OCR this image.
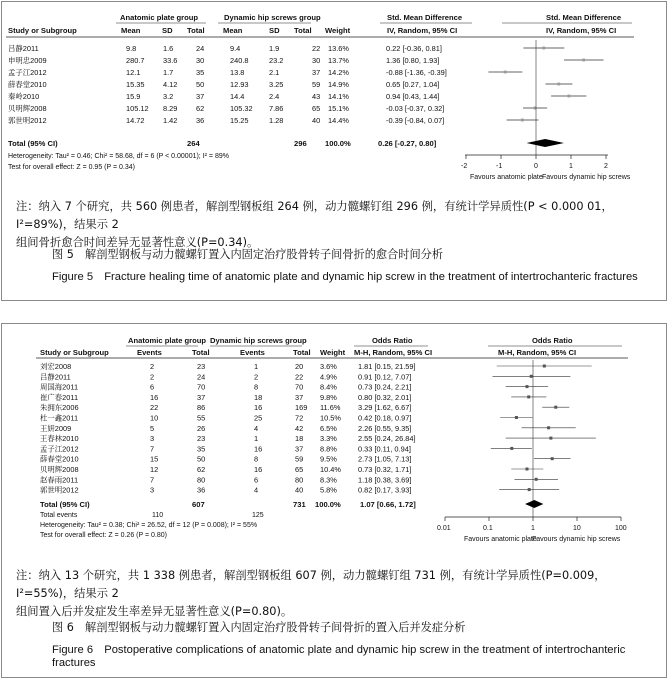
Anatomic plate group	Dynamic hip screws group	Std. Mean Difference	Std. Mean Difference
Study or Subgroup	Mean	SD Total Mean	SD Total Weight	IV, Random, 95% CI	IV, Random, 95% CI
吕静2011	9.8	1.6	24	9.4	1.9	22 13.6%	0.22 [-0.36, 0.81]
申明忠2009	280.7	33.6	30	240.8	23.2	30 13.7%	1.36 [0.80, 1.93]
孟子江2012	12.1	1.7	35	13.8	2.1	37 14.2%	-0.88 [-1.36, -0.39]
薛春堂2010	15.35	4.12	50	12.93	3.25	59 14.9%	0.65 [0.27, 1.04]
秦岭2010	15.9	3.2	37	14.4	2.4	43 14.1%	0.94 [0.43, 1.44]
贝明辉2008	105.12 8.29	62	105.32 7.86	65 15.1%	-0.03 [-0.37, 0.32]
郭世明2012	14.72	1.42	36	15.25	1.28	40 14.4%	-0.39 [-0.84, 0.07]
Total (95% CI)	264	296 100.0%	0.26 [-0.27, 0.80]
Heterogeneity: Tau² = 0.46; Chi² = 58.68, df = 6 (P < 0.00001); I² = 89%
Test for overall effect: Z = 0.95 (P = 0.34)	-2	-1	0	1	2
Favours anatomic plate Favours dynamic hip screws
注：纳入 7 个研究，共 560 例患者，解剖型钢板组 264 例，动力髋螺钉组 296 例，有统计学异质性(P < 0.000 01，I²=89%)，结果示 2
组间骨折愈合时间差异无显著性意义(P=0.34)。
图 5　解剖型钢板与动力髋螺钉置入内固定治疗股骨转子间骨折的愈合时间分析
Figure 5　Fracture healing time of anatomic plate and dynamic hip screw in the treatment of intertrochanteric fractures
Anatomic plate group Dynamic hip screws group	Odds Ratio	Odds Ratio
Study or Subgroup	Events	Total	Events	Total Weight M-H, Random, 95% CI	M-H, Random, 95% CI
刘宏2008	2	23	1	20 3.6%	1.81 [0.15, 21.59]
吕静2011	2	24	2	22 4.9%	0.91 [0.12, 7.07]
周国海2011	6	70	8	70 8.4%	0.73 [0.24, 2.21]
崔广春2011	16	37	18	37 9.8%	0.80 [0.32, 2.01]
朱拥东2006	22	86	16	169 11.6% 3.29 [1.62, 6.67]
杜一鑫2011	10	55	25	72 10.5% 0.42 [0.18, 0.97]
王妍2009	5	26	4	42 6.5%	2.26 [0.55, 9.35]
王春林2010	3	23	1	18 3.3%	2.55 [0.24, 26.84]
孟子江2012	7	35	16	37 8.8%	0.33 [0.11, 0.94]
薛春堂2010	15	50	8	59 9.5%	2.73 [1.05, 7.13]
贝明辉2008	12	62	16	65 10.4% 0.73 [0.32, 1.71]
赵春雨2011	7	80	6	80 8.3%	1.18 [0.38, 3.69]
郭世明2012	3	36	4	40 5.8%	0.82 [0.17, 3.93]
Total (95% CI)	607	731 100.0%	1.07 [0.66, 1.72]
Total events	110	125
Heterogeneity: Tau² = 0.38; Chi² = 26.52, df = 12 (P = 0.008); I² = 55%
Test for overall effect: Z = 0.26 (P = 0.80)
0.01	0.1	1	10	100
Favours anatomic plate
Favours dynamic hip screws
注：纳入 13 个研究，共 1 338 例患者，解剖型钢板组 607 例，动力髋螺钉组 731 例，有统计学异质性(P=0.009，I²=55%)，结果示 2
组间置入后并发症发生率差异无显著性意义(P=0.80)。
图 6　解剖型钢板与动力髋螺钉置入内固定治疗股骨转子间骨折的置入后并发症分析
Figure 6　Postoperative complications of anatomic plate and dynamic hip screw in the treatment of intertrochanteric fractures
